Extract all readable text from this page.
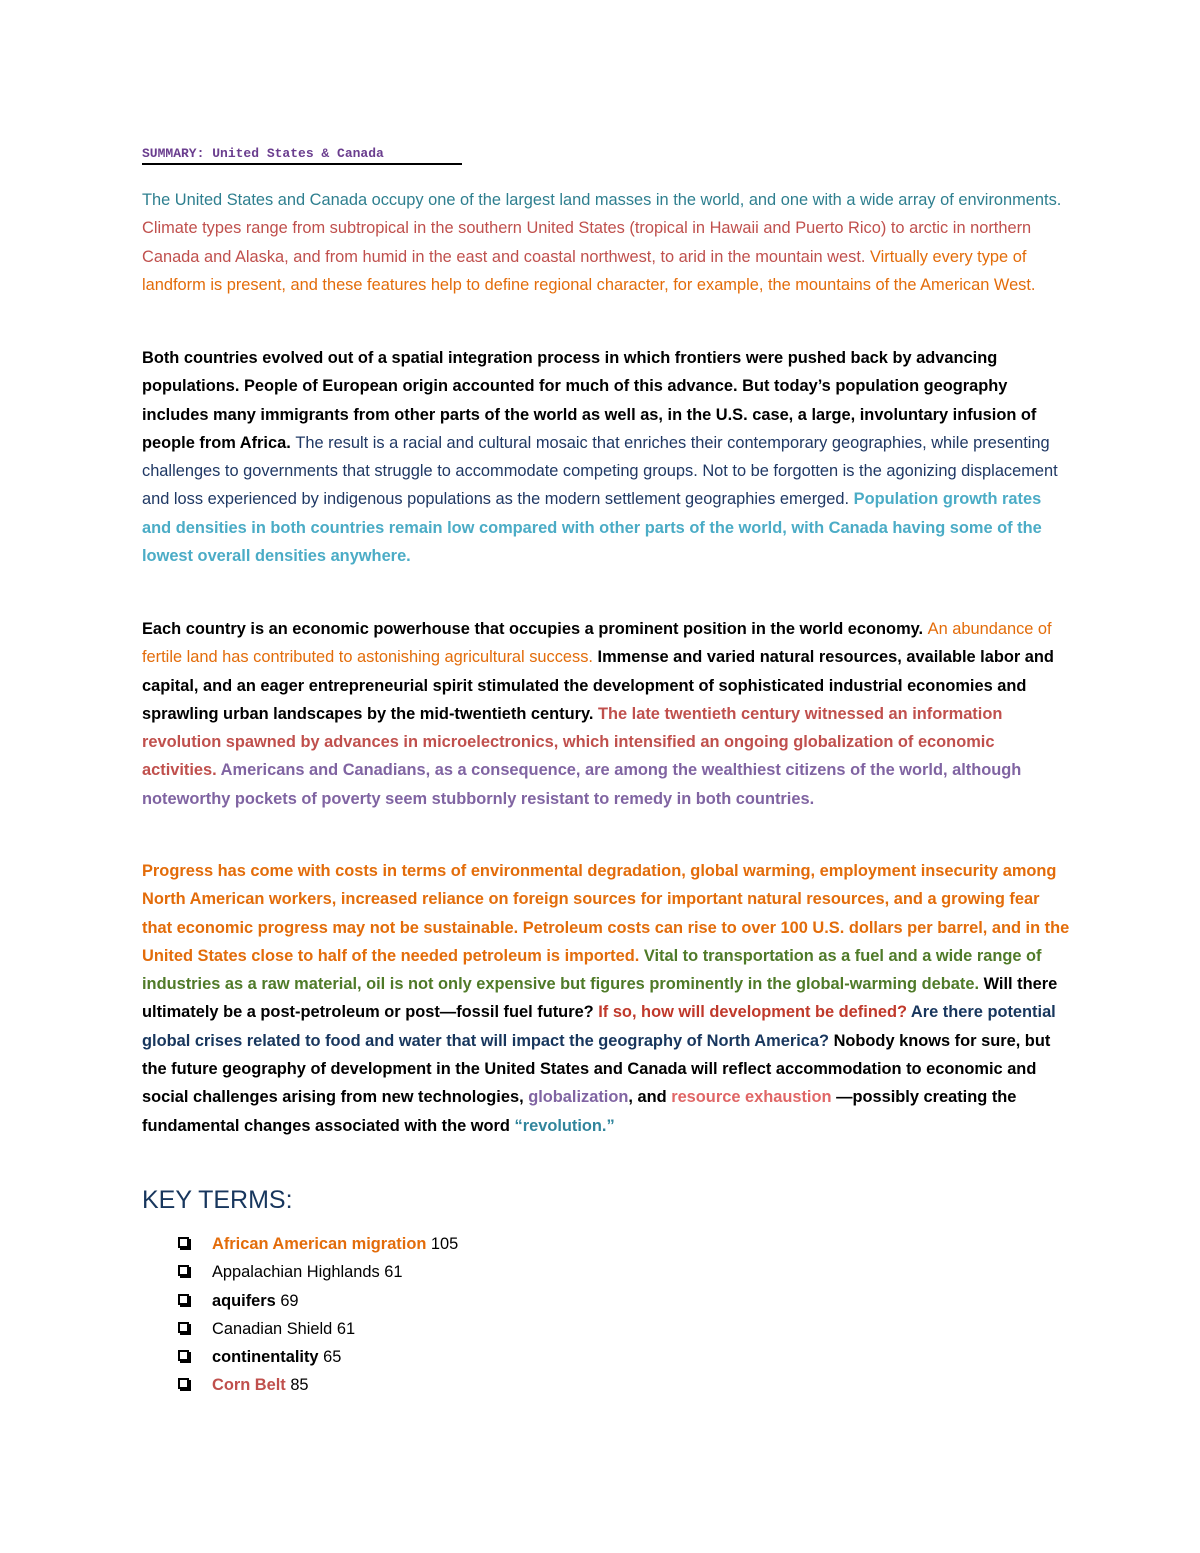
SUMMARY: United States & Canada

The United States and Canada occupy one of the largest land masses in the world, and one with a wide array of environments. Climate types range from subtropical in the southern United States (tropical in Hawaii and Puerto Rico) to arctic in northern Canada and Alaska, and from humid in the east and coastal northwest, to arid in the mountain west. Virtually every type of landform is present, and these features help to define regional character, for example, the mountains of the American West.

Both countries evolved out of a spatial integration process in which frontiers were pushed back by advancing populations. People of European origin accounted for much of this advance. But today’s population geography includes many immigrants from other parts of the world as well as, in the U.S. case, a large, involuntary infusion of people from Africa. The result is a racial and cultural mosaic that enriches their contemporary geographies, while presenting challenges to governments that struggle to accommodate competing groups. Not to be forgotten is the agonizing displacement and loss experienced by indigenous populations as the modern settlement geographies emerged. Population growth rates and densities in both countries remain low compared with other parts of the world, with Canada having some of the lowest overall densities anywhere.

Each country is an economic powerhouse that occupies a prominent position in the world economy. An abundance of fertile land has contributed to astonishing agricultural success. Immense and varied natural resources, available labor and capital, and an eager entrepreneurial spirit stimulated the development of sophisticated industrial economies and sprawling urban landscapes by the mid-twentieth century. The late twentieth century witnessed an information revolution spawned by advances in microelectronics, which intensified an ongoing globalization of economic activities. Americans and Canadians, as a consequence, are among the wealthiest citizens of the world, although noteworthy pockets of poverty seem stubbornly resistant to remedy in both countries.

Progress has come with costs in terms of environmental degradation, global warming, employment insecurity among North American workers, increased reliance on foreign sources for important natural resources, and a growing fear that economic progress may not be sustainable. Petroleum costs can rise to over 100 U.S. dollars per barrel, and in the United States close to half of the needed petroleum is imported. Vital to transportation as a fuel and a wide range of industries as a raw material, oil is not only expensive but figures prominently in the global-warming debate. Will there ultimately be a post-petroleum or post—fossil fuel future? If so, how will development be defined? Are there potential global crises related to food and water that will impact the geography of North America? Nobody knows for sure, but the future geography of development in the United States and Canada will reflect accommodation to economic and social challenges arising from new technologies, globalization, and resource exhaustion —possibly creating the fundamental changes associated with the word “revolution.”

KEY TERMS:
African American migration 105
Appalachian Highlands 61
aquifers 69
Canadian Shield 61
continentality 65
Corn Belt 85
